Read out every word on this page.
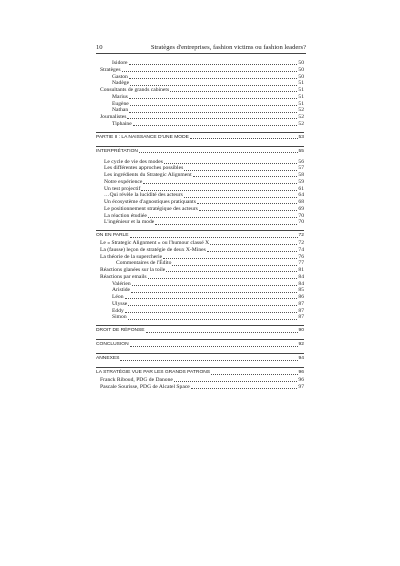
10	Stratèges d'entreprises, fashion victims ou fashion leaders?
Isidore	50
Stratèges	50
Gaston	50
Nadège	51
Consultants de grands cabinets	51
Marius	51
Eugène	51
Nathan	52
Journalistes	52
Tiphaine	52
PARTIE II : LA NAISSANCE D'UNE MODE	53
INTERPRÉTATION	55
Le cycle de vie des modes	56
Les différentes approches possibles	57
Les ingrédients du Strategic Alignment	58
Notre expérience	59
Un test projectif	61
…Qui révèle la lucidité des acteurs	64
Un écosystème d'agnostiques pratiquants	68
Le positionnement stratégique des acteurs	69
La réaction étudiée	70
L'ingénieur et la mode	70
ON EN PARLE	72
Le « Strategic Alignment » ou l'humour classé X	72
La (fausse) leçon de stratégie de deux X-Mines	74
La théorie de la supercherie	76
Commentaires de l'Édito	77
Réactions glanées sur la toile	81
Réactions par emails	84
Valérien	84
Aristide	85
Léon	86
Ulysse	87
Eddy	87
Simon	87
DROIT DE RÉPONSE	90
CONCLUSION	92
ANNEXES	94
LA STRATÉGIE VUE PAR LES GRANDS PATRONS	96
Franck Riboud, PDG de Danone	96
Pascale Sourisse, PDG de Alcatel Space	97
